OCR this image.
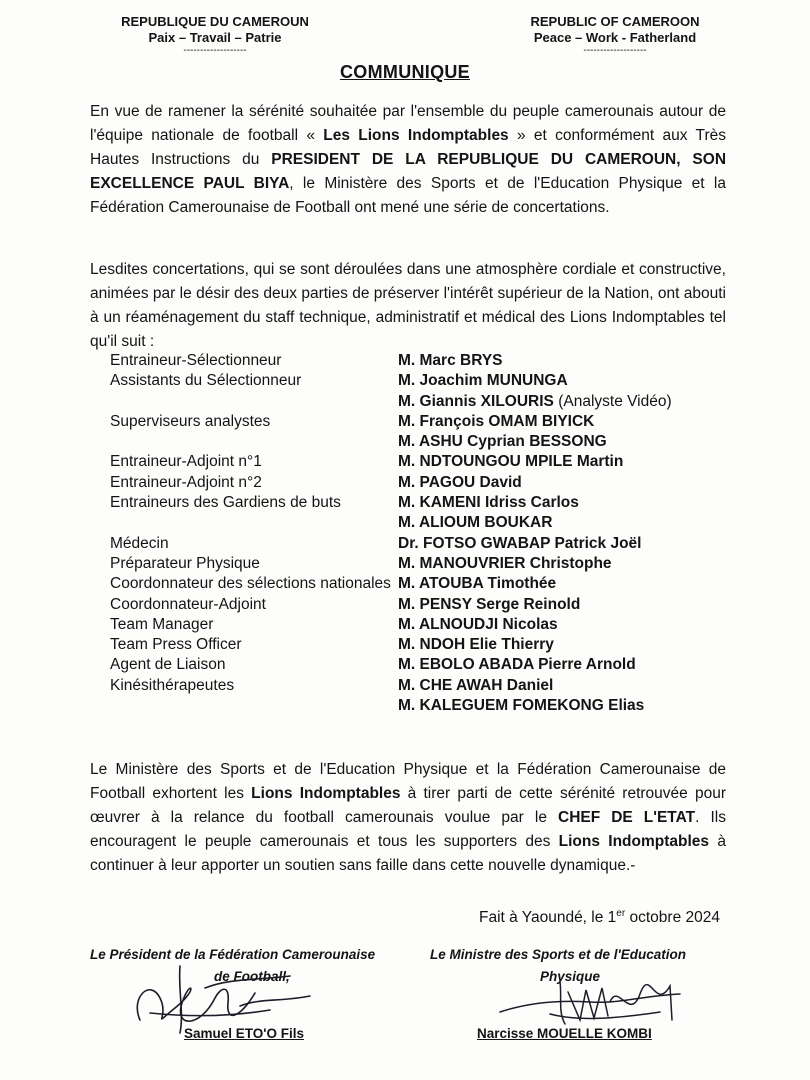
REPUBLIQUE DU CAMEROUN
Paix – Travail – Patrie
-------------------
REPUBLIC OF CAMEROON
Peace – Work - Fatherland
-------------------
COMMUNIQUE
En vue de ramener la sérénité souhaitée par l'ensemble du peuple camerounais autour de l'équipe nationale de football « Les Lions Indomptables » et conformément aux Très Hautes Instructions du PRESIDENT DE LA REPUBLIQUE DU CAMEROUN, SON EXCELLENCE PAUL BIYA, le Ministère des Sports et de l'Education Physique et la Fédération Camerounaise de Football ont mené une série de concertations.
Lesdites concertations, qui se sont déroulées dans une atmosphère cordiale et constructive, animées par le désir des deux parties de préserver l'intérêt supérieur de la Nation, ont abouti à un réaménagement du staff technique, administratif et médical des Lions Indomptables tel qu'il suit :
Entraineur-Sélectionneur	M. Marc BRYS
Assistants du Sélectionneur	M. Joachim MUNUNGA
M. Giannis XILOURIS (Analyste Vidéo)
Superviseurs analystes	M. François OMAM BIYICK
M. ASHU Cyprian BESSONG
Entraineur-Adjoint n°1	M. NDTOUNGOU MPILE Martin
Entraineur-Adjoint n°2	M. PAGOU David
Entraineurs des Gardiens de buts	M. KAMENI Idriss Carlos
M. ALIOUM BOUKAR
Médecin	Dr. FOTSO GWABAP Patrick Joël
Préparateur Physique	M. MANOUVRIER Christophe
Coordonnateur des sélections nationales M. ATOUBA Timothée
Coordonnateur-Adjoint	M. PENSY Serge Reinold
Team Manager	M. ALNOUDJI Nicolas
Team Press Officer	M. NDOH Elie Thierry
Agent de Liaison	M. EBOLO ABADA Pierre Arnold
Kinésithérapeutes	M. CHE AWAH Daniel
M. KALEGUEM FOMEKONG Elias
Le Ministère des Sports et de l'Education Physique et la Fédération Camerounaise de Football exhortent les Lions Indomptables à tirer parti de cette sérénité retrouvée pour œuvrer à la relance du football camerounais voulue par le CHEF DE L'ETAT. Ils encouragent le peuple camerounais et tous les supporters des Lions Indomptables à continuer à leur apporter un soutien sans faille dans cette nouvelle dynamique.-
Fait à Yaoundé, le 1er octobre 2024
Le Président de la Fédération Camerounaise
de Football,
Le Ministre des Sports et de l'Education
Physique
Samuel ETO'O Fils	Narcisse MOUELLE KOMBI
